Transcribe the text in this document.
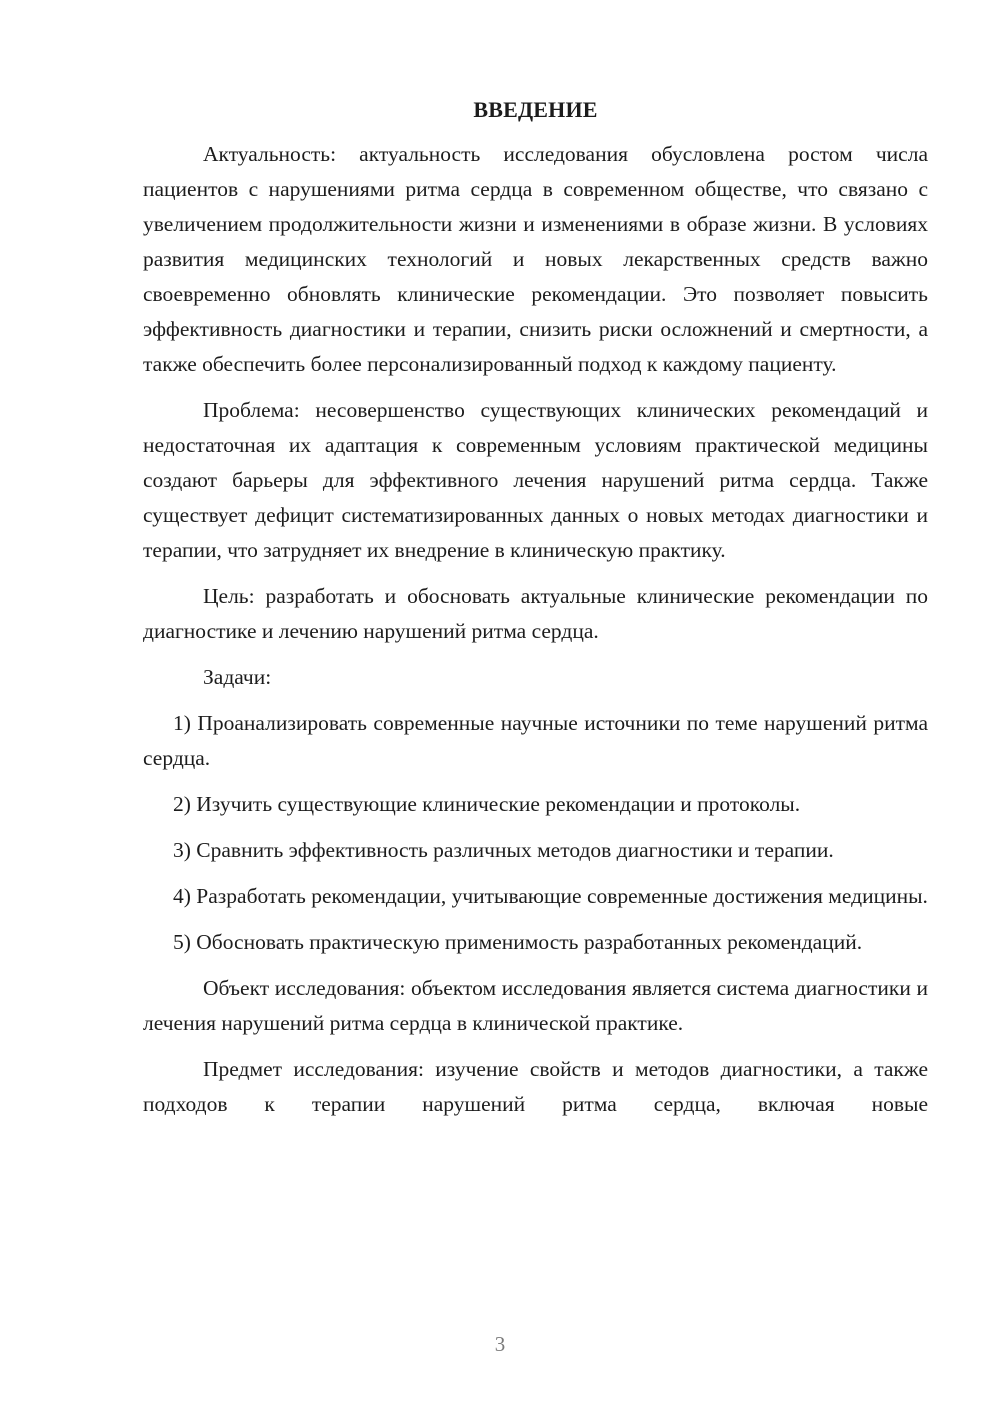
ВВЕДЕНИЕ

Актуальность: актуальность исследования обусловлена ростом числа пациентов с нарушениями ритма сердца в современном обществе, что связано с увеличением продолжительности жизни и изменениями в образе жизни. В условиях развития медицинских технологий и новых лекарственных средств важно своевременно обновлять клинические рекомендации. Это позволяет повысить эффективность диагностики и терапии, снизить риски осложнений и смертности, а также обеспечить более персонализированный подход к каждому пациенту.

Проблема: несовершенство существующих клинических рекомендаций и недостаточная их адаптация к современным условиям практической медицины создают барьеры для эффективного лечения нарушений ритма сердца. Также существует дефицит систематизированных данных о новых методах диагностики и терапии, что затрудняет их внедрение в клиническую практику.

Цель: разработать и обосновать актуальные клинические рекомендации по диагностике и лечению нарушений ритма сердца.

Задачи:

1) Проанализировать современные научные источники по теме нарушений ритма сердца.

2) Изучить существующие клинические рекомендации и протоколы.

3) Сравнить эффективность различных методов диагностики и терапии.

4) Разработать рекомендации, учитывающие современные достижения медицины.

5) Обосновать практическую применимость разработанных рекомендаций.

Объект исследования: объектом исследования является система диагностики и лечения нарушений ритма сердца в клинической практике.

Предмет исследования: изучение свойств и методов диагностики, а также подходов к терапии нарушений ритма сердца, включая новые

3
